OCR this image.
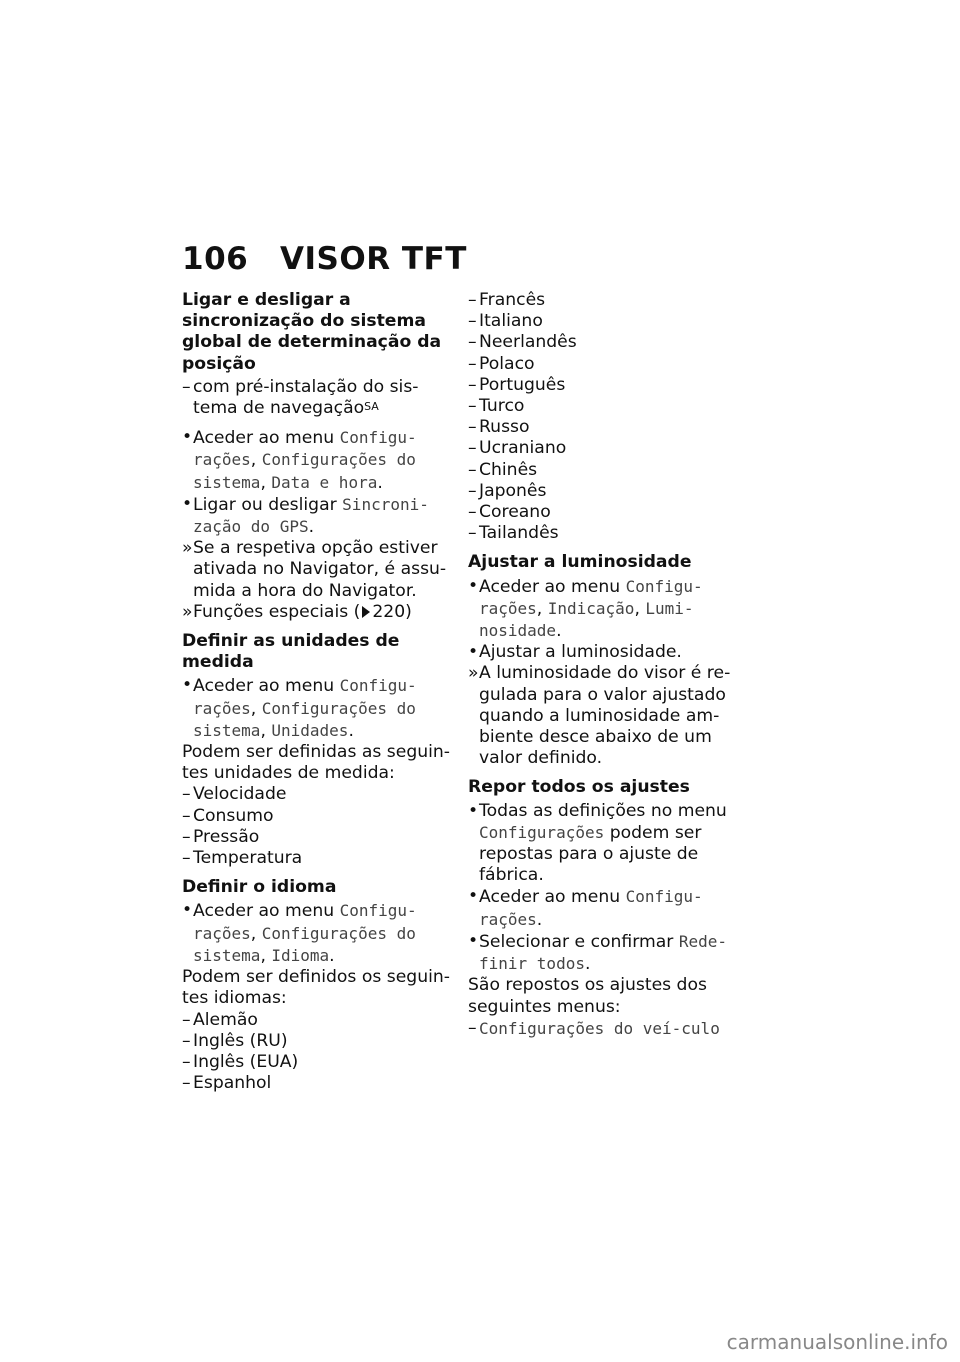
106 VISOR TFT
Ligar e desligar a sincronização do sistema global de determinação da posição
– com pré-instalação do sis-tema de navegação$^{SA}$
• Aceder ao menu Configu-rações, Configurações do sistema, Data e hora.
• Ligar ou desligar Sincroni-zação do GPS.
» Se a respetiva opção estiver ativada no Navigator, é assu-mida a hora do Navigator.
» Funções especiais ( 220)
Definir as unidades de medida
• Aceder ao menu Configu-rações, Configurações do sistema, Unidades.
Podem ser definidas as seguin-tes unidades de medida:
– Velocidade
– Consumo
– Pressão
– Temperatura
Definir o idioma
• Aceder ao menu Configu-rações, Configurações do sistema, Idioma.
Podem ser definidos os seguin-tes idiomas:
– Alemão
– Inglês (RU)
– Inglês (EUA)
– Espanhol
– Francês
– Italiano
– Neerlandês
– Polaco
– Português
– Turco
– Russo
– Ucraniano
– Chinês
– Japonês
– Coreano
– Tailandês
Ajustar a luminosidade
• Aceder ao menu Configu-rações, Indicação, Lumi-nosidade.
• Ajustar a luminosidade.
» A luminosidade do visor é re-gulada para o valor ajustado quando a luminosidade am-biente desce abaixo de um valor definido.
Repor todos os ajustes
• Todas as definições no menu Configurações podem ser repostas para o ajuste de fábrica.
• Aceder ao menu Configu-rações.
• Selecionar e confirmar Rede-finir todos.
São repostos os ajustes dos seguintes menus:
– Configurações do veí-culo
carmanualsonline.info
